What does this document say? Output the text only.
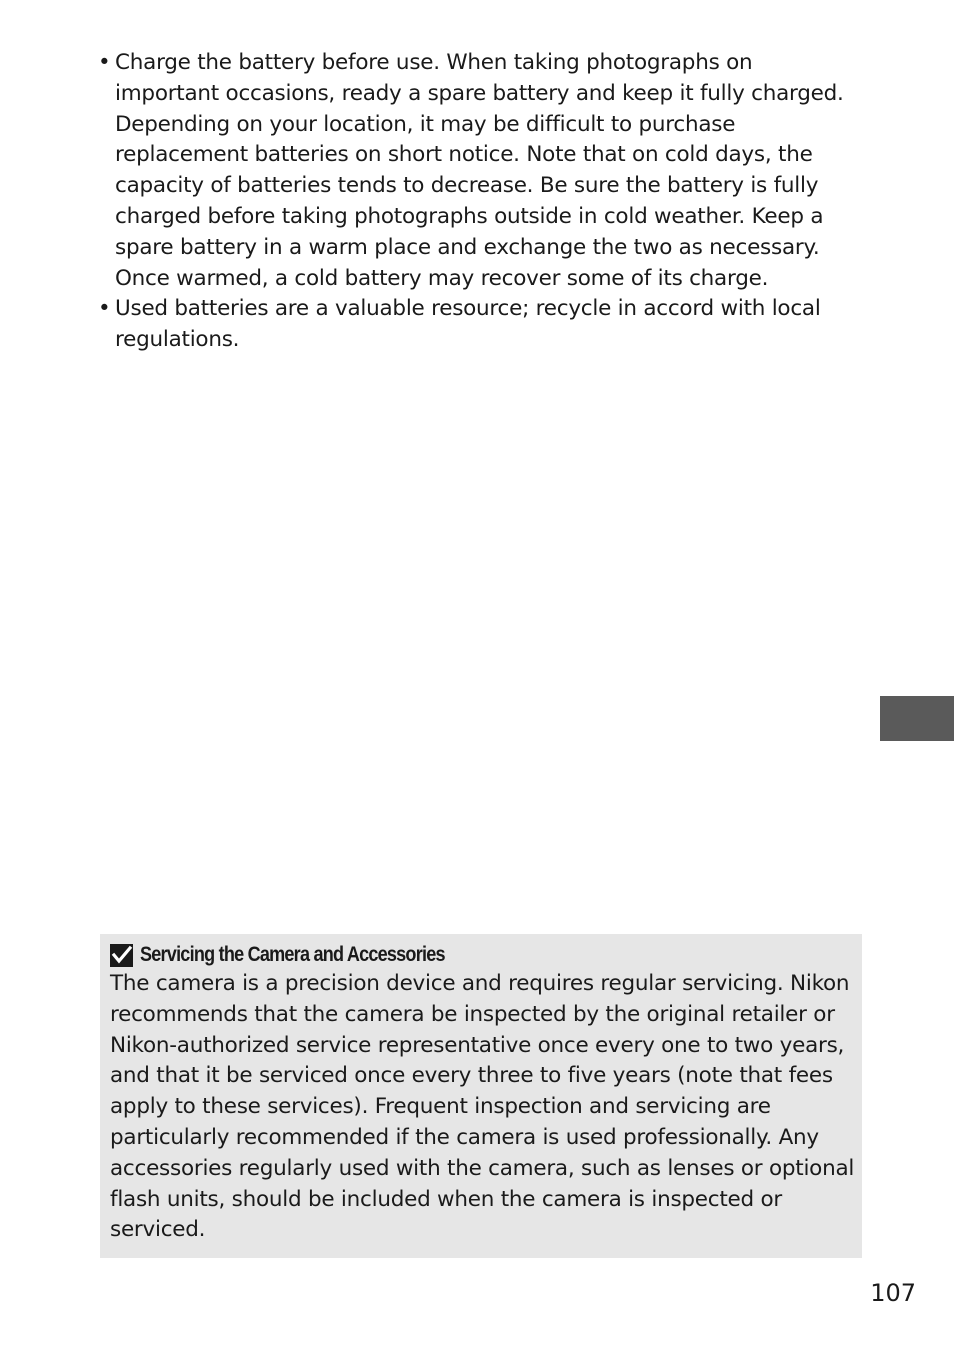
• Charge the battery before use. When taking photographs on
important occasions, ready a spare battery and keep it fully charged.
Depending on your location, it may be difficult to purchase
replacement batteries on short notice. Note that on cold days, the
capacity of batteries tends to decrease. Be sure the battery is fully
charged before taking photographs outside in cold weather. Keep a
spare battery in a warm place and exchange the two as necessary.
Once warmed, a cold battery may recover some of its charge.
• Used batteries are a valuable resource; recycle in accord with local
regulations.
Servicing the Camera and Accessories
The camera is a precision device and requires regular servicing. Nikon
recommends that the camera be inspected by the original retailer or
Nikon-authorized service representative once every one to two years,
and that it be serviced once every three to five years (note that fees
apply to these services). Frequent inspection and servicing are
particularly recommended if the camera is used professionally. Any
accessories regularly used with the camera, such as lenses or optional
flash units, should be included when the camera is inspected or
serviced.
107
